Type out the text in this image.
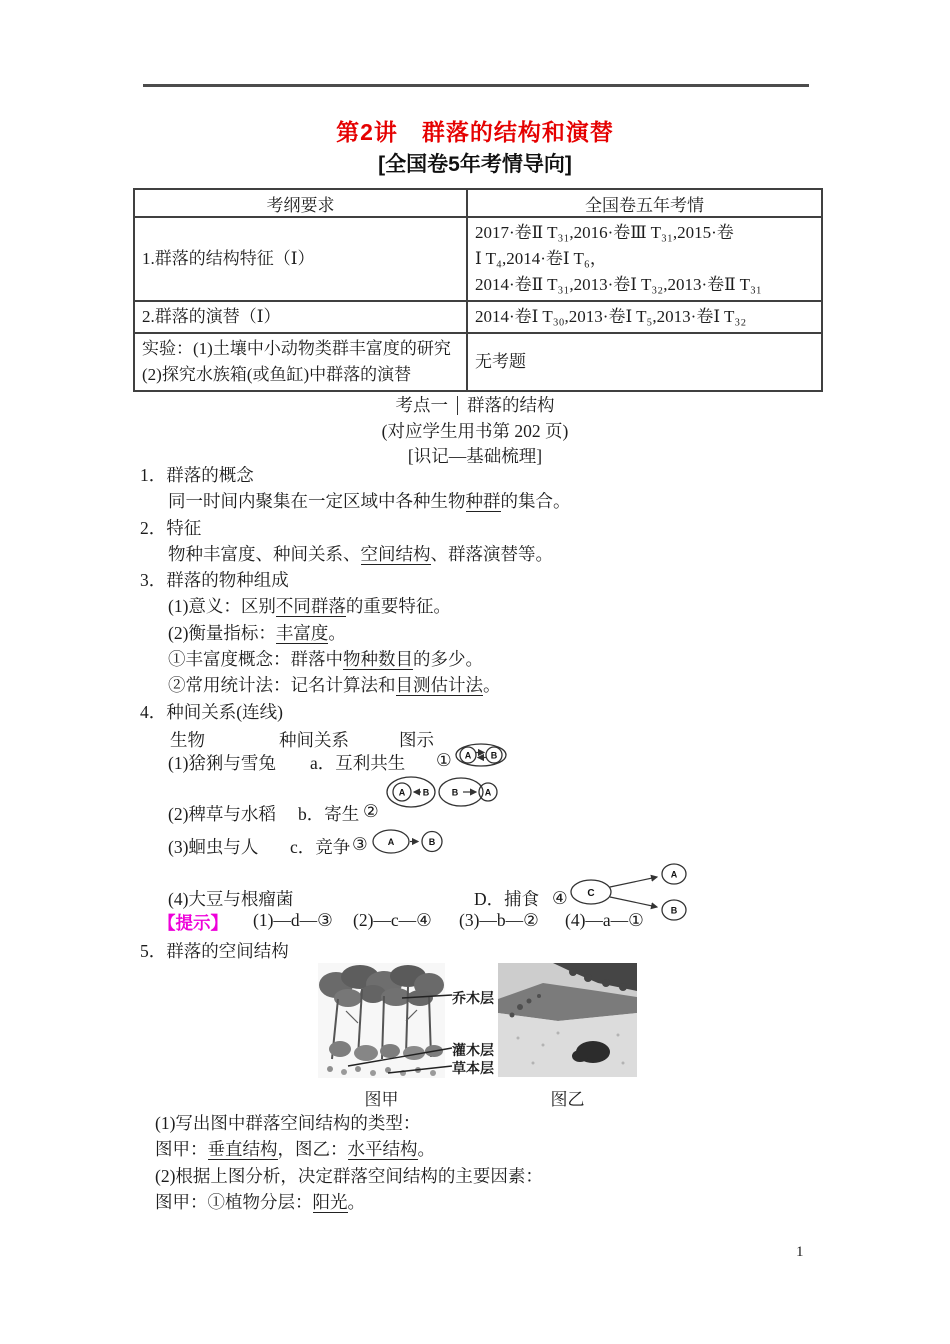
第2讲　群落的结构和演替
[全国卷5年考情导向]
考纲要求	全国卷五年考情

1.群落的结构特征（Ⅰ）	2017·卷Ⅱ T₃₁,2016·卷Ⅲ T₃₁,2015·卷
Ⅰ T₄,2014·卷Ⅰ T₆，
2014·卷Ⅱ T₃₁,2013·卷Ⅰ T₃₂,2013·卷Ⅱ T₃₁

2.群落的演替（Ⅰ）	2014·卷Ⅰ T₃₀,2013·卷Ⅰ T₅,2013·卷Ⅰ T₃₂

实验：(1)土壤中小动物类群丰富度的研究
(2)探究水族箱(或鱼缸)中群落的演替	无考题
考点一 群落的结构
(对应学生用书第 202 页)
[识记—基础梳理]
1．群落的概念
同一时间内聚集在一定区域中各种生物种群的集合。
2．特征
物种丰富度、种间关系、空间结构、群落演替等。
3．群落的物种组成
(1)意义：区别不同群落的重要特征。
(2)衡量指标：丰富度。
①丰富度概念：群落中物种数目的多少。
②常用统计法：记名计算法和目测估计法。
4．种间关系(连线)
生物	种间关系	图示
(1)猞猁与雪兔 a．互利共生 ① A B
(2)稗草与水稻 b．寄生 ②
A B	B	A
(3)蛔虫与人 c．竞争 ③ A	B
(4)大豆与根瘤菌	D．捕食 ④ C
A
B
【提示】 (1)—d—③ (2)—c—④ (3)—b—② (4)—a—①
5．群落的空间结构
乔木层
灌木层
草本层
图甲	图乙
(1)写出图中群落空间结构的类型：
图甲：垂直结构，图乙：水平结构。
(2)根据上图分析，决定群落空间结构的主要因素：
图甲：①植物分层：阳光。
1
